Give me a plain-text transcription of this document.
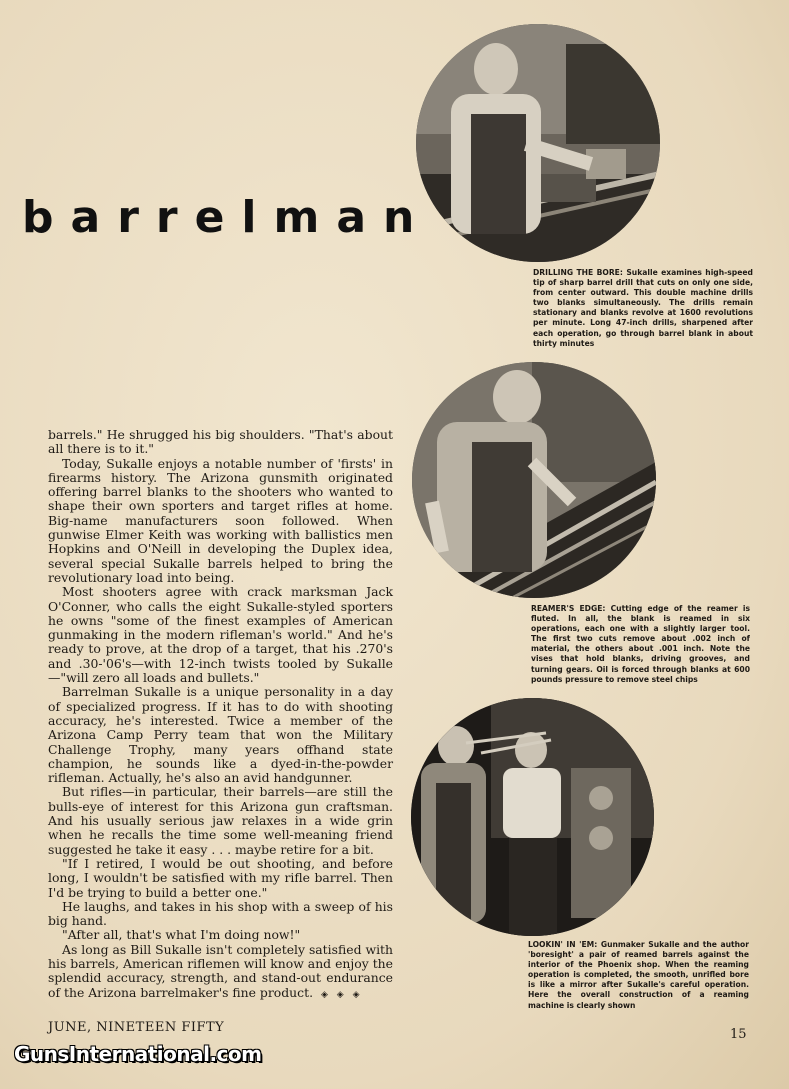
barrelman
DRILLING THE BORE: Sukalle examines high-speed tip of sharp barrel drill that cuts on only one side, from center outward. This double machine drills two blanks simultaneously. The drills remain stationary and blanks revolve at 1600 revolutions per minute. Long 47-inch drills, sharpened after each operation, go through barrel blank in about thirty minutes
REAMER'S EDGE: Cutting edge of the reamer is fluted. In all, the blank is reamed in six operations, each one with a slightly larger tool. The first two cuts remove about .002 inch of material, the others about .001 inch. Note the vises that hold blanks, driving grooves, and turning gears. Oil is forced through blanks at 600 pounds pressure to remove steel chips
LOOKIN' IN 'EM: Gunmaker Sukalle and the author 'boresight' a pair of reamed barrels against the interior of the Phoenix shop. When the reaming operation is completed, the smooth, unrifled bore is like a mirror after Sukalle's careful operation. Here the overall construction of a reaming machine is clearly shown

barrels." He shrugged his big shoulders. "That's about all there is to it."

Today, Sukalle enjoys a notable number of 'firsts' in firearms history. The Arizona gunsmith originated offering barrel blanks to the shooters who wanted to shape their own sporters and target rifles at home. Big-name manufacturers soon followed. When gunwise Elmer Keith was working with ballistics men Hopkins and O'Neill in developing the Duplex idea, several special Sukalle barrels helped to bring the revolutionary load into being.

Most shooters agree with crack marksman Jack O'Conner, who calls the eight Sukalle-styled sporters he owns "some of the finest examples of American gunmaking in the modern rifleman's world." And he's ready to prove, at the drop of a target, that his .270's and .30-'06's—with 12-inch twists tooled by Sukalle—"will zero all loads and bullets."

Barrelman Sukalle is a unique personality in a day of specialized progress. If it has to do with shooting accuracy, he's interested. Twice a member of the Arizona Camp Perry team that won the Military Challenge Trophy, many years offhand state champion, he sounds like a dyed-in-the-powder rifleman. Actually, he's also an avid handgunner.

But rifles—in particular, their barrels—are still the bulls-eye of interest for this Arizona gun craftsman. And his usually serious jaw relaxes in a wide grin when he recalls the time some well-meaning friend suggested he take it easy . . . maybe retire for a bit.

"If I retired, I would be out shooting, and before long, I wouldn't be satisfied with my rifle barrel. Then I'd be trying to build a better one."

He laughs, and takes in his shop with a sweep of his big hand.

"After all, that's what I'm doing now!"

As long as Bill Sukalle isn't completely satisfied with his barrels, American riflemen will know and enjoy the splendid accuracy, strength, and stand-out endurance of the Arizona barrelmaker's fine product. ◈ ◈ ◈

JUNE, NINETEEN FIFTY	15
GunsInternational.com
